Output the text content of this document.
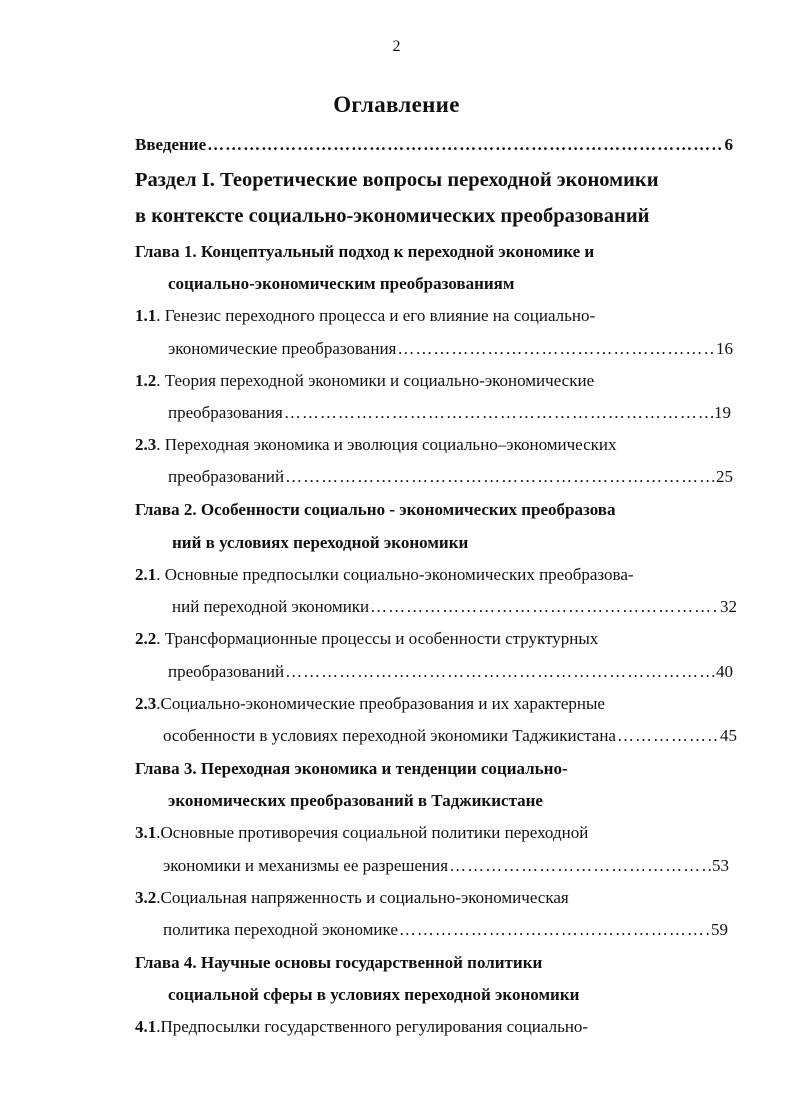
2
Оглавление
Введение ……………………………………………………………………………………………………………………………………………………………………………………………………	6
Раздел I. Теоретические вопросы переходной экономики
в контексте социально-экономических преобразований
Глава 1. Концептуальный подход к переходной экономике и
социально-экономическим преобразованиям
1.1. Генезис переходного процесса и его влияние на социально-
экономические преобразования ……………………………………………………………………………………………………………………………………………………………………………………………………	16
1.2. Теория переходной экономики и социально-экономические
преобразования ……………………………………………………………………………………………………………………………………………………………………………………………………	19
2.3. Переходная экономика и эволюция социально–экономических
преобразований ……………………………………………………………………………………………………………………………………………………………………………………………………	25
Глава 2. Особенности социально - экономических преобразова
ний в условиях переходной экономики
2.1. Основные предпосылки социально-экономических преобразова-
ний переходной экономики ……………………………………………………………………………………………………………………………………………………………………………………………………	32
2.2. Трансформационные процессы и особенности структурных
преобразований ……………………………………………………………………………………………………………………………………………………………………………………………………	40
2.3.Социально-экономические преобразования и их характерные
особенности в условиях переходной экономики Таджикистана ……………………………………………………………………………………………………………………………………………………………………………………………………	45
Глава 3. Переходная экономика и тенденции социально-
экономических преобразований в Таджикистане
3.1.Основные противоречия социальной политики переходной
экономики и механизмы ее разрешения ……………………………………………………………………………………………………………………………………………………………………………………………………	53
3.2.Социальная напряженность и социально-экономическая
политика переходной экономике ……………………………………………………………………………………………………………………………………………………………………………………………………	59
Глава 4. Научные основы государственной политики
социальной сферы в условиях переходной экономики
4.1.Предпосылки государственного регулирования социально-
